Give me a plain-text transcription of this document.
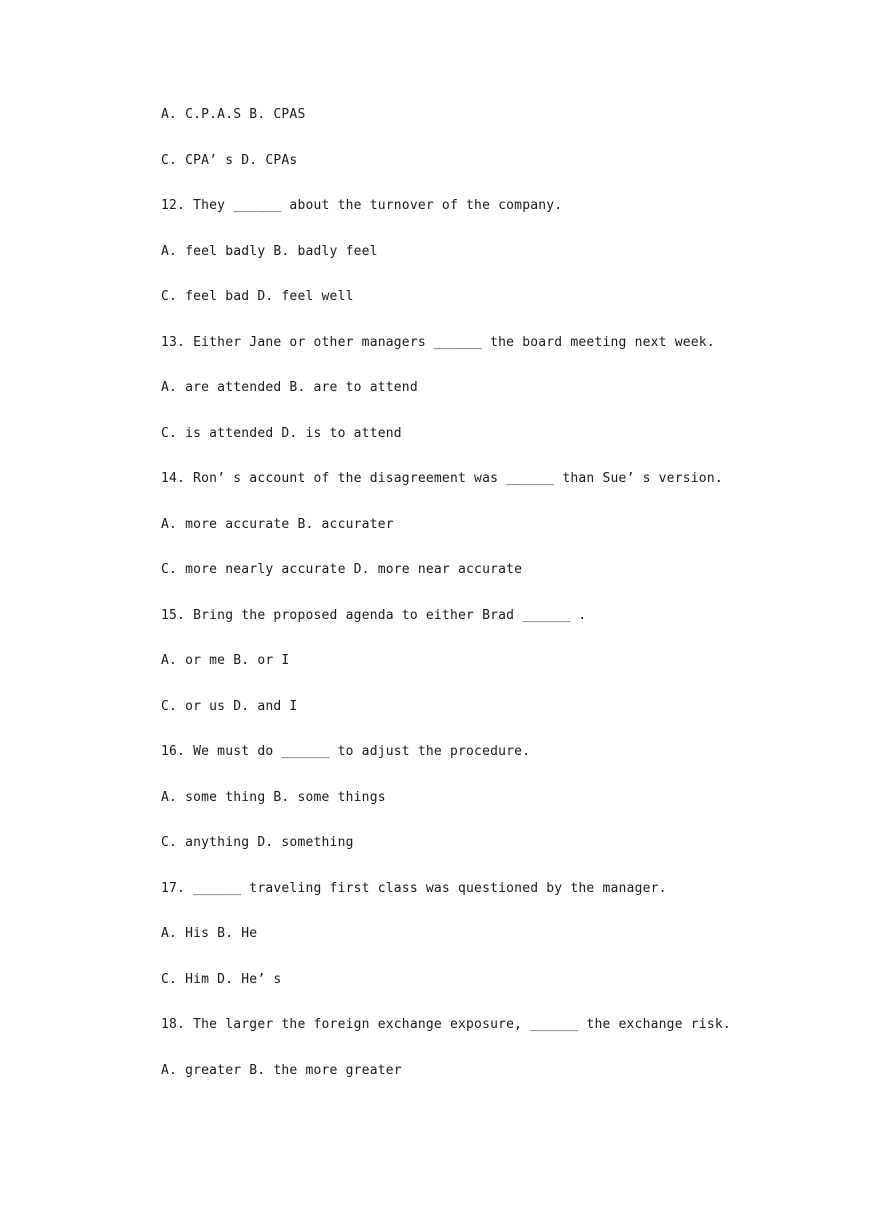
A. C.P.A.S B. CPAS
C. CPA’ s D. CPAs
12. They ______ about the turnover of the company.
A. feel badly B. badly feel
C. feel bad D. feel well
13. Either Jane or other managers ______ the board meeting next week.
A. are attended B. are to attend
C. is attended D. is to attend
14. Ron’ s account of the disagreement was ______ than Sue’ s version.
A. more accurate B. accurater
C. more nearly accurate D. more near accurate
15. Bring the proposed agenda to either Brad ______ .
A. or me B. or I
C. or us D. and I
16. We must do ______ to adjust the procedure.
A. some thing B. some things
C. anything D. something
17. ______ traveling first class was questioned by the manager.
A. His B. He
C. Him D. He’ s
18. The larger the foreign exchange exposure, ______ the exchange risk.
A. greater B. the more greater
